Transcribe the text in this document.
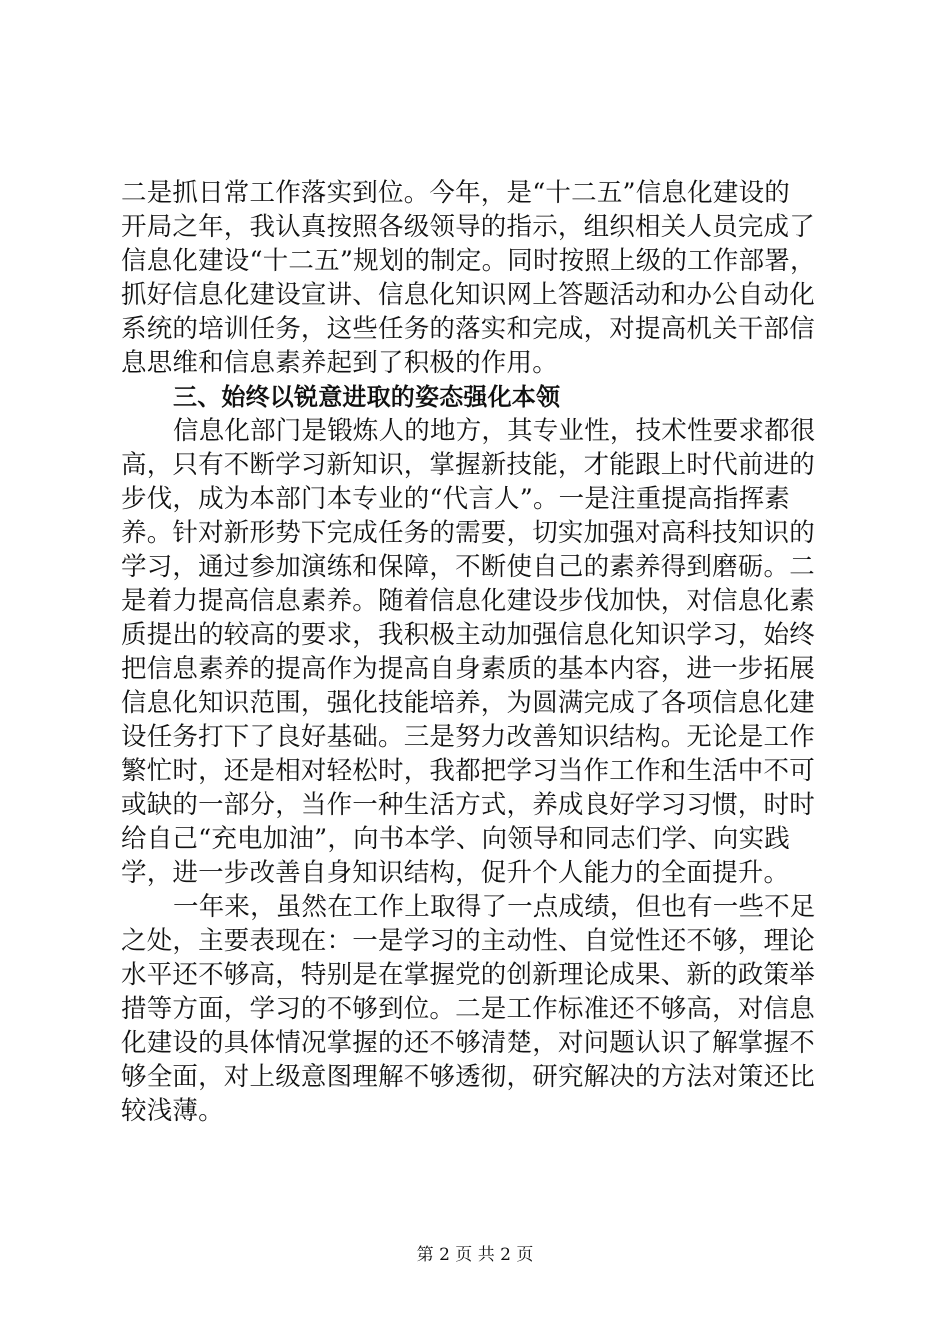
二是抓日常工作落实到位。今年，是“十二五”信息化建设的
开局之年，我认真按照各级领导的指示，组织相关人员完成了
信息化建设“十二五”规划的制定。同时按照上级的工作部署，
抓好信息化建设宣讲、信息化知识网上答题活动和办公自动化
系统的培训任务，这些任务的落实和完成，对提高机关干部信
息思维和信息素养起到了积极的作用。
三、始终以锐意进取的姿态强化本领
信息化部门是锻炼人的地方，其专业性，技术性要求都很
高，只有不断学习新知识，掌握新技能，才能跟上时代前进的
步伐，成为本部门本专业的“代言人”。一是注重提高指挥素
养。针对新形势下完成任务的需要，切实加强对高科技知识的
学习，通过参加演练和保障，不断使自己的素养得到磨砺。二
是着力提高信息素养。随着信息化建设步伐加快，对信息化素
质提出的较高的要求，我积极主动加强信息化知识学习，始终
把信息素养的提高作为提高自身素质的基本内容，进一步拓展
信息化知识范围，强化技能培养，为圆满完成了各项信息化建
设任务打下了良好基础。三是努力改善知识结构。无论是工作
繁忙时，还是相对轻松时，我都把学习当作工作和生活中不可
或缺的一部分，当作一种生活方式，养成良好学习习惯，时时
给自己“充电加油”，向书本学、向领导和同志们学、向实践
学，进一步改善自身知识结构，促升个人能力的全面提升。
一年来，虽然在工作上取得了一点成绩，但也有一些不足
之处，主要表现在：一是学习的主动性、自觉性还不够，理论
水平还不够高，特别是在掌握党的创新理论成果、新的政策举
措等方面，学习的不够到位。二是工作标准还不够高，对信息
化建设的具体情况掌握的还不够清楚，对问题认识了解掌握不
够全面，对上级意图理解不够透彻，研究解决的方法对策还比
较浅薄。
第 2 页 共 2 页
